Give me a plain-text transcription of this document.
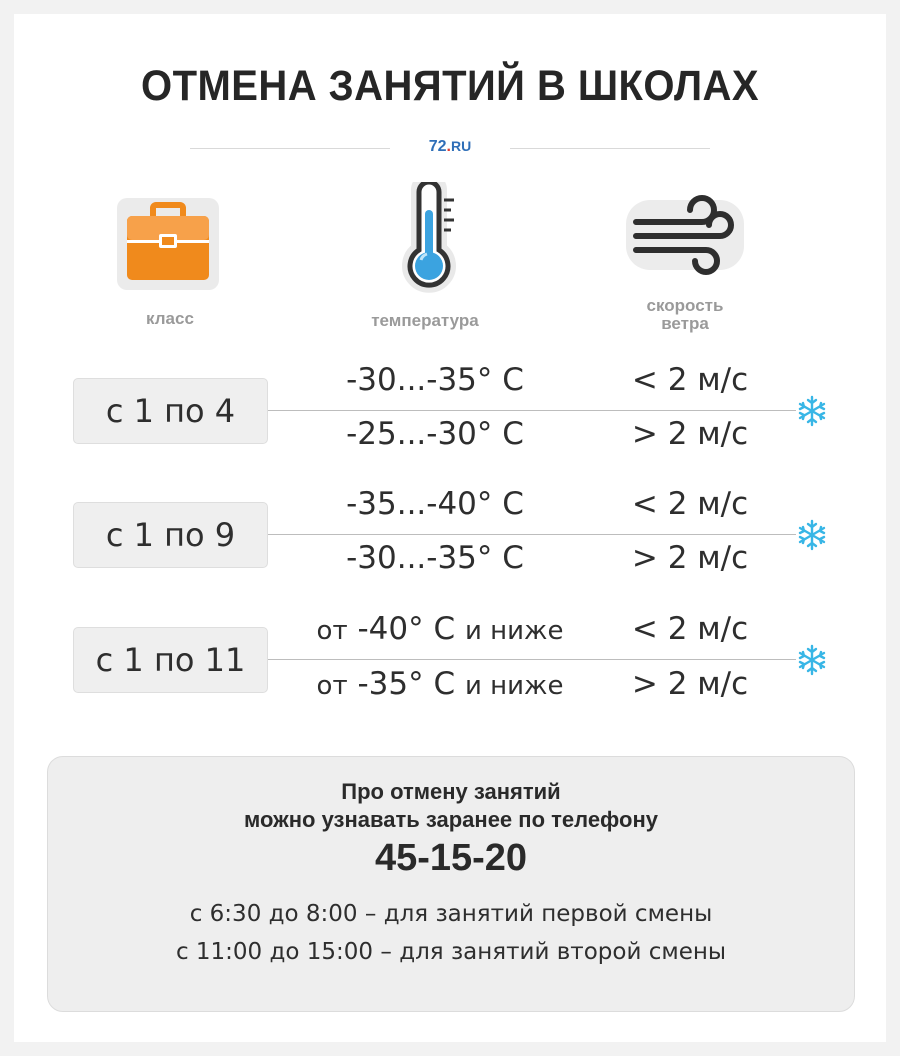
ОТМЕНА ЗАНЯТИЙ В ШКОЛАХ
72.RU
класс	температура
скорость
ветра
с 1 по 4
-30...-35° C	< 2 м/с
-25...-30° C	> 2 м/с
с 1 по 9
-35...-40° C	< 2 м/с
-30...-35° C	> 2 м/с
с 1 по 11
от -40° C и ниже	< 2 м/с
от -35° C и ниже	> 2 м/с
Про отмену занятий
можно узнавать заранее по телефону
45-15-20
с 6:30 до 8:00 – для занятий первой смены
с 11:00 до 15:00 – для занятий второй смены
